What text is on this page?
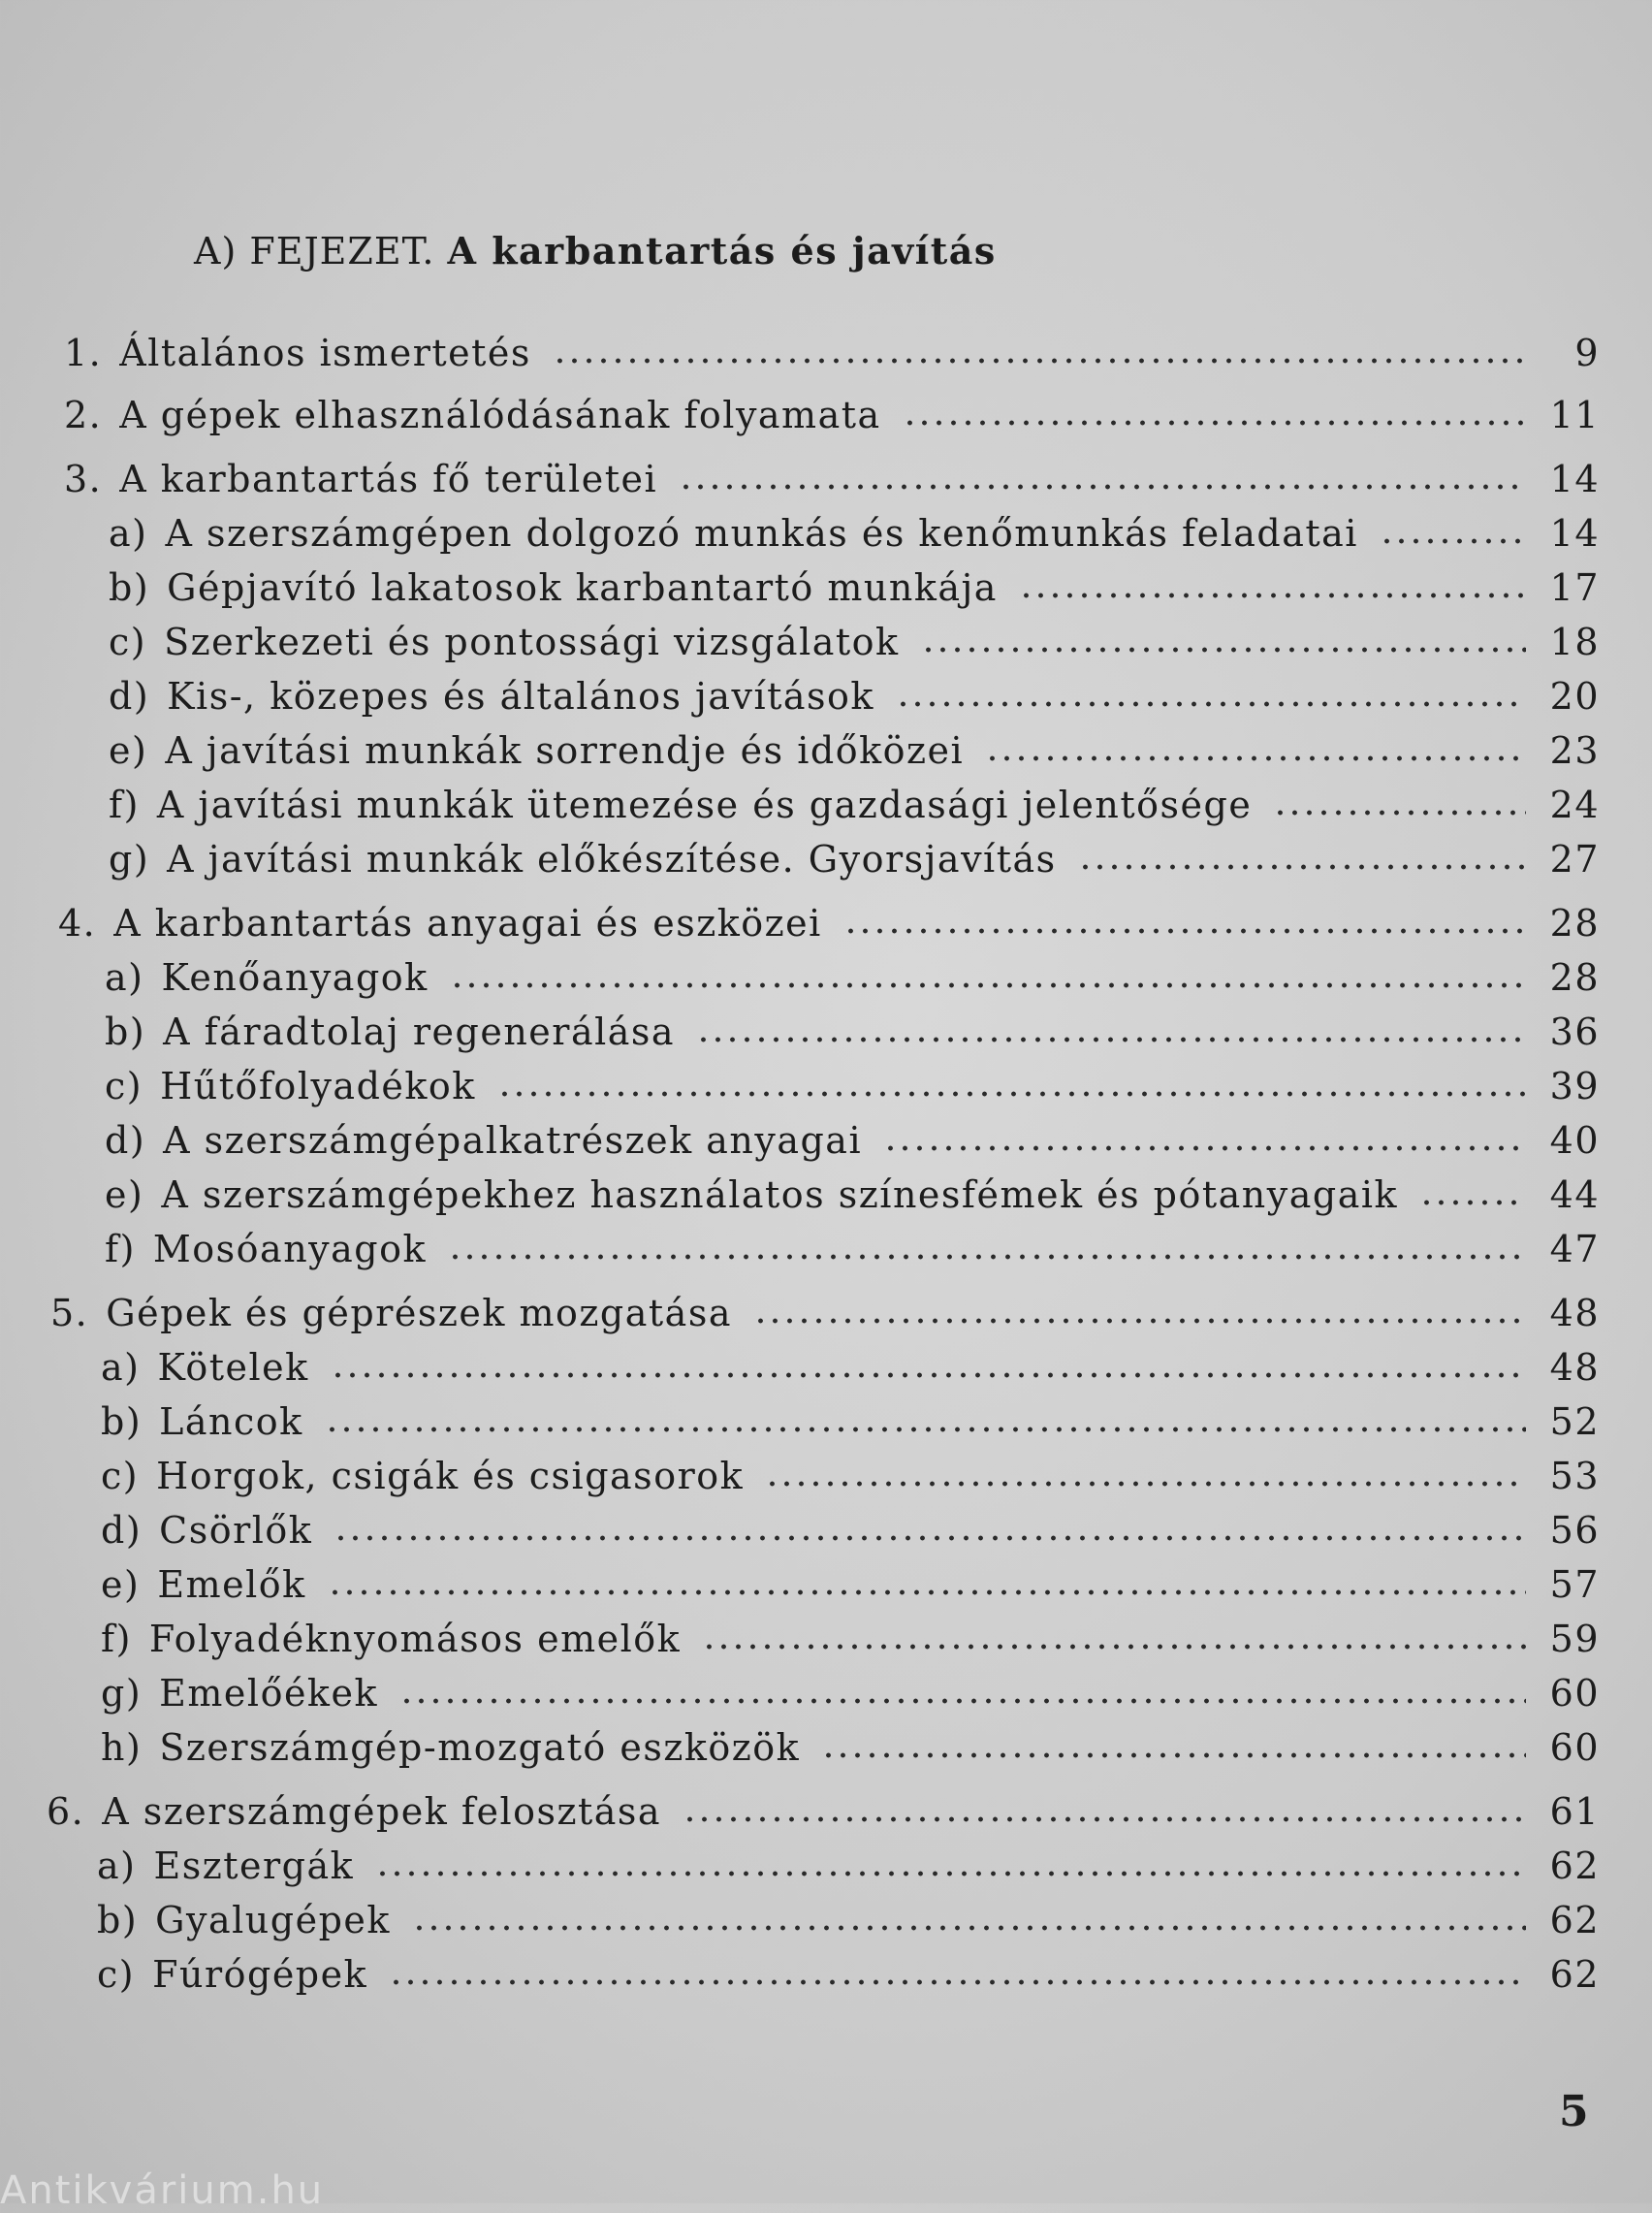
A) FEJEZET. A karbantartás és javítás
1. Általános ismertetés	9
2. A gépek elhasználódásának folyamata	11
3. A karbantartás fő területei	14
a) A szerszámgépen dolgozó munkás és kenőmunkás feladatai	14
b) Gépjavító lakatosok karbantartó munkája	17
c) Szerkezeti és pontossági vizsgálatok	18
d) Kis-, közepes és általános javítások	20
e) A javítási munkák sorrendje és időközei	23
f) A javítási munkák ütemezése és gazdasági jelentősége	24
g) A javítási munkák előkészítése. Gyorsjavítás	27
4. A karbantartás anyagai és eszközei	28
a) Kenőanyagok	28
b) A fáradtolaj regenerálása	36
c) Hűtőfolyadékok	39
d) A szerszámgépalkatrészek anyagai	40
e) A szerszámgépekhez használatos színesfémek és pótanyagaik	44
f) Mosóanyagok	47
5. Gépek és géprészek mozgatása	48
a) Kötelek	48
b) Láncok	52
c) Horgok, csigák és csigasorok	53
d) Csörlők	56
e) Emelők	57
f) Folyadéknyomásos emelők	59
g) Emelőékek	60
h) Szerszámgép-mozgató eszközök	60
6. A szerszámgépek felosztása	61
a) Esztergák	62
b) Gyalugépek	62
c) Fúrógépek	62
5
Antikvárium.hu
